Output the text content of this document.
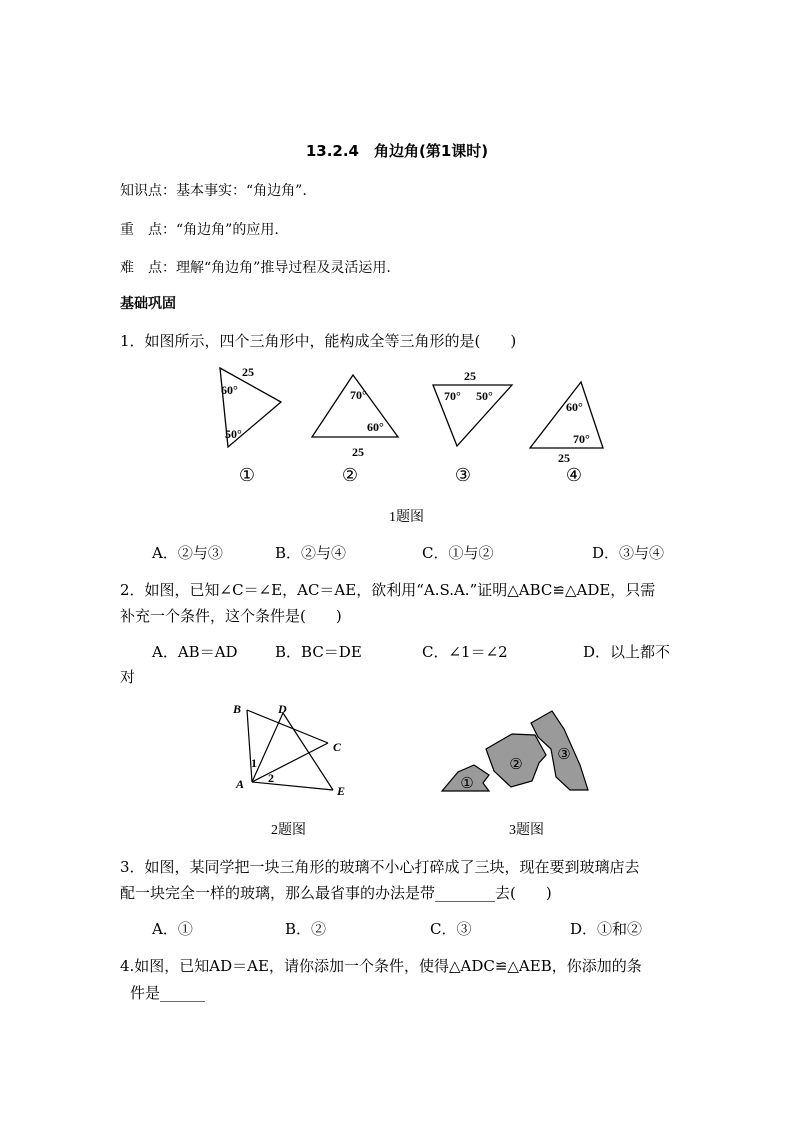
13.2.4　角边角(第1课时)
知识点：基本事实：“角边角”.
重　点：“角边角”的应用.
难　点：理解“角边角”推导过程及灵活运用.
基础巩固
1．如图所示，四个三角形中，能构成全等三角形的是(　　)
25
60°
50°
①
70°
60°
25
②
25
70° 50°
③
60°
70°
25
④
1题图
A．②与③	B．②与④	C．①与②	D．③与④
2．如图，已知∠C＝∠E，AC＝AE，欲利用“A.S.A.”证明△ABC≌△ADE，只需
补充一个条件，这个条件是(　　)
A．AB＝AD B．BC＝DE	C．∠1＝∠2	D．以上都不
对
B	D
C
A	E
1
2	①
②
③
2题图	3题图
3．如图，某同学把一块三角形的玻璃不小心打碎成了三块，现在要到玻璃店去
配一块完全一样的玻璃，那么最省事的办法是带________去(　　)
A．①	B．②	C．③	D．①和②
4.如图，已知AD＝AE，请你添加一个条件，使得△ADC≌△AEB，你添加的条
件是______
